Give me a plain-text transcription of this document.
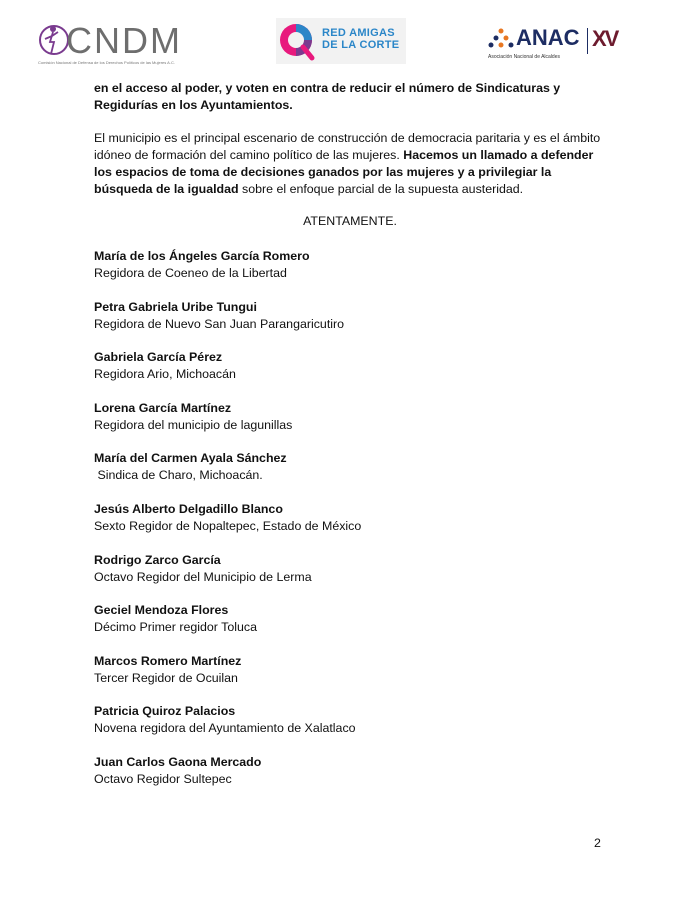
CNDM
Comisión Nacional de Defensa de los Derechos Políticos de las Mujeres A.C.
RED AMIGAS
DE LA CORTE	ANAC XV
Asociación Nacional de Alcaldes
en el acceso al poder, y voten en contra de reducir el número de Sindicaturas y Regidurías en los Ayuntamientos.
El municipio es el principal escenario de construcción de democracia paritaria y es el ámbito idóneo de formación del camino político de las mujeres. Hacemos un llamado a defender los espacios de toma de decisiones ganados por las mujeres y a privilegiar la búsqueda de la igualdad sobre el enfoque parcial de la supuesta austeridad.
ATENTAMENTE.
María de los Ángeles García Romero
Regidora de Coeneo de la Libertad
Petra Gabriela Uribe Tungui
Regidora de Nuevo San Juan Parangaricutiro
Gabriela García Pérez
Regidora Ario, Michoacán
Lorena García Martínez
Regidora del municipio de lagunillas
María del Carmen Ayala Sánchez
Sindica de Charo, Michoacán.
Jesús Alberto Delgadillo Blanco
Sexto Regidor de Nopaltepec, Estado de México
Rodrigo Zarco García
Octavo Regidor del Municipio de Lerma
Geciel Mendoza Flores
Décimo Primer regidor Toluca
Marcos Romero Martínez
Tercer Regidor de Ocuilan
Patricia Quiroz Palacios
Novena regidora del Ayuntamiento de Xalatlaco
Juan Carlos Gaona Mercado
Octavo Regidor Sultepec
2
